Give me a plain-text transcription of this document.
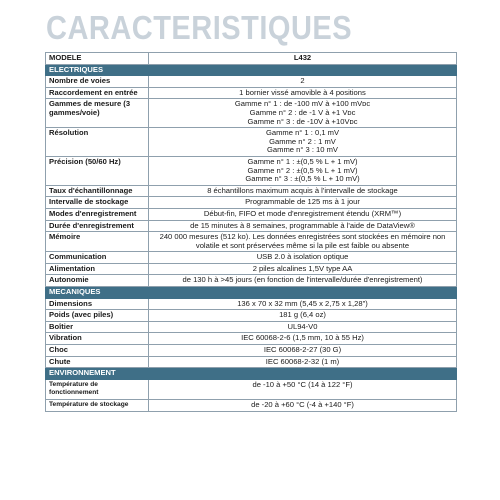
CARACTERISTIQUES
MODELE	L432
ELECTRIQUES	
Nombre de voies	2
Raccordement en entrée	1 bornier vissé amovible à 4 positions
Gammes de mesure (3 gammes/voie)	Gamme n° 1 : de -100 mV à +100 mVᴅᴄ
Gamme n° 2 : de -1 V à +1 Vᴅᴄ
Gamme n° 3 : de -10V à +10Vᴅᴄ

Résolution	Gamme n° 1 : 0,1 mV
Gamme n° 2 : 1 mV
Gamme n° 3 : 10 mV

Précision (50/60 Hz)	Gamme n° 1 : ±(0,5 % L + 1 mV)
Gamme n° 2 : ±(0,5 % L + 1 mV)
Gamme n° 3 : ±(0,5 % L + 10 mV)

Taux d'échantillonnage	8 échantillons maximum acquis à l'intervalle de stockage
Intervalle de stockage	Programmable de 125 ms à 1 jour
Modes d'enregistrement	Début-fin, FIFO et mode d'enregistrement étendu (XRM™)
Durée d'enregistrement	de 15 minutes à 8 semaines, programmable à l'aide de DataView®
Mémoire	240 000 mesures (512 ko). Les données enregistrées sont stockées en mémoire non volatile et sont préservées même si la pile est faible ou absente
Communication	USB 2.0 à isolation optique
Alimentation	2 piles alcalines 1,5V type AA
Autonomie	de 130 h à >45 jours (en fonction de l'intervalle/durée d'enregistrement)
MECANIQUES	
Dimensions	136 x 70 x 32 mm (5,45 x 2,75 x 1,28")
Poids (avec piles)	181 g (6,4 oz)
Boîtier	UL94-V0
Vibration	IEC 60068-2-6 (1,5 mm, 10 à 55 Hz)
Choc	IEC 60068-2-27 (30 G)
Chute	IEC 60068-2-32 (1 m)
ENVIRONNEMENT	
Température de fonctionnement	de -10 à +50 °C (14 à 122 °F)
Température de stockage	de -20 à +60 °C (-4 à +140 °F)
